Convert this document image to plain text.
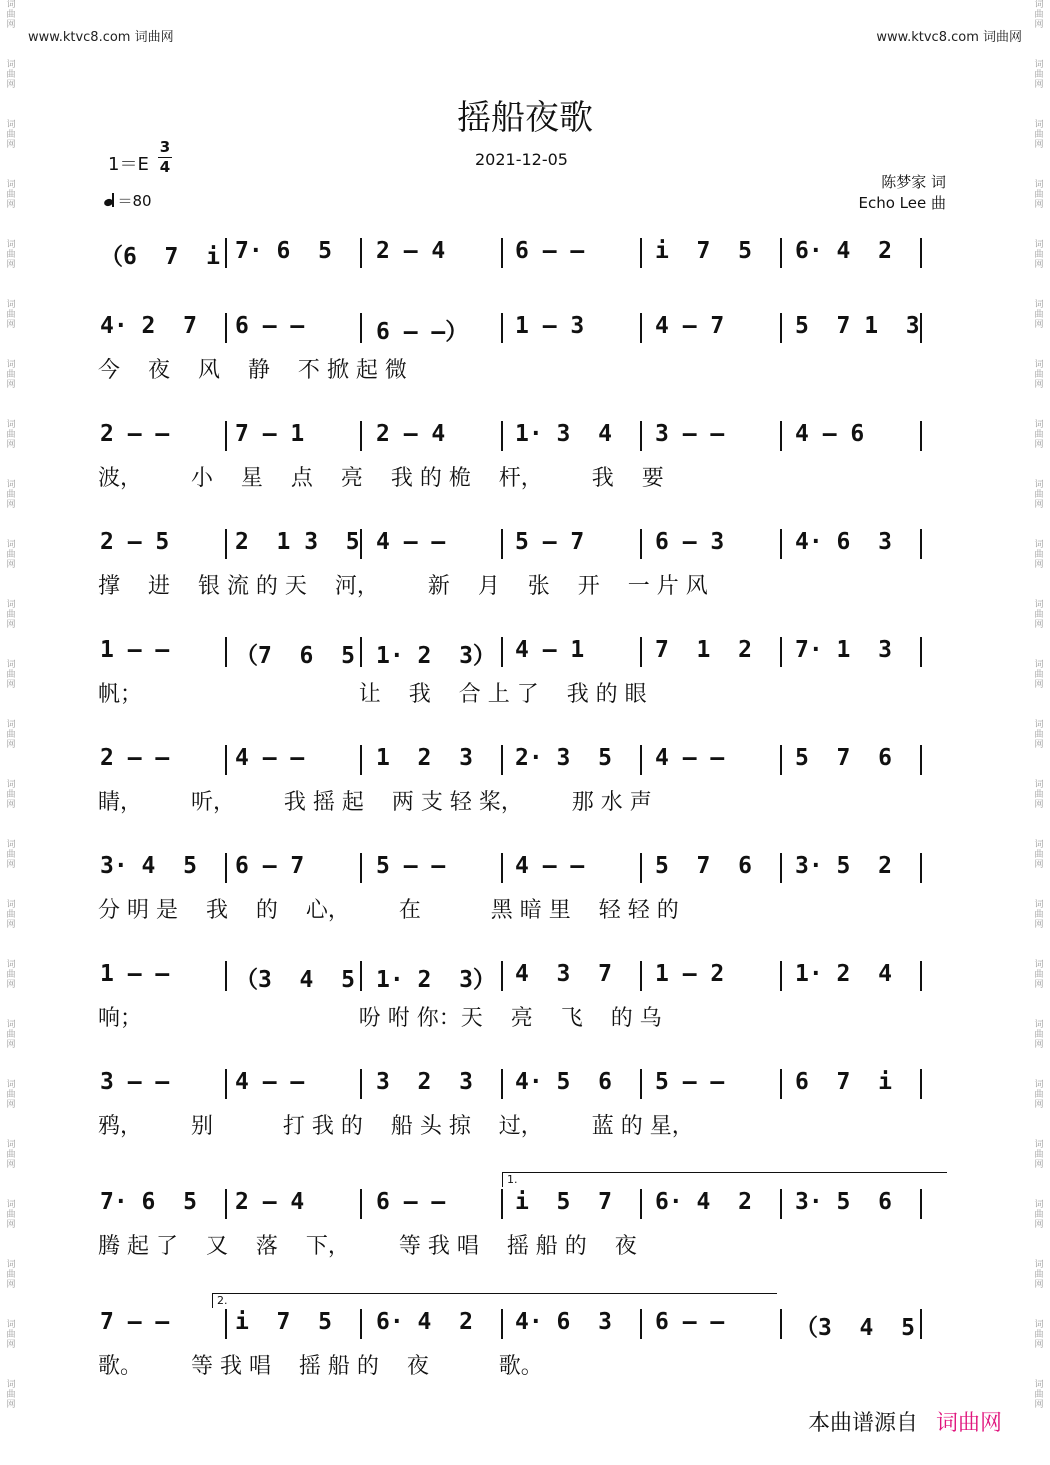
词
曲
网
词
曲
网
词
曲
网
词
曲
网
词
曲
网
词
曲
网
词
曲
网
词
曲
网
词
曲
网
词
曲
网
词
曲
网
词
曲
网
词
曲
网
词
曲
网
词
曲
网
词
曲
网
词
曲
网
词
曲
网
词
曲
网
词
曲
网
词
曲
网
词
曲
网
词
曲
网
词
曲
网
词
曲
网
词
曲
网
词
曲
网
词
曲
网
词
曲
网
词
曲
网
词
曲
网
词
曲
网
词
曲
网
词
曲
网
词
曲
网
词
曲
网
词
曲
网
词
曲
网
词
曲
网
词
曲
网
词
曲
网
词
曲
网
词
曲
网
词
曲
网
词
曲
网
词
曲
网
词
曲
网
词
曲
网
www.ktvc8.com 词曲网	www.ktvc8.com 词曲网
摇船夜歌
1＝E
3
4
＝80
2021-12-05
陈梦家 词
Echo Lee 曲
（6  7  i 7· 6  5 2 – 4	6 – –	i  7  5 6· 4  2
4· 2  7 6 – –	6 – –） 1 – 3	4 – 7	5  7 1  3
今    夜    风    静    不 掀 起 微
2 – –	7 – 1	2 – 4	1· 3  4 3 – –	4 – 6
波，       小    星    点    亮    我 的 桅    杆，       我    要
2 – 5	2  1 3  5 4 – –	5 – 7	6 – 3	4· 6  3
撑    进    银 流 的 天    河，       新    月    张    开    一 片 风
1 – –	（7  6  5 1· 2  3） 4 – 1	7  1  2 7· 1  3
帆；                               让    我    合 上 了    我 的 眼
2 – –	4 – –	1  2  3 2· 3  5 4 – –	5  7  6
睛，       听，       我 摇 起    两 支 轻 桨，       那 水 声
3· 4  5 6 – 7	5 – –	4 – –	5  7  6 3· 5  2
分 明 是    我    的    心，       在          黑 暗 里    轻 轻 的
1 – –	（3  4  5 1· 2  3） 4  3  7 1 – 2	1· 2  4
响；                               吩 咐 你：天    亮    飞    的 乌
3 – –	4 – –	3  2  3 4· 5  6 5 – –	6  7  i
鸦，       别          打 我 的    船 头 掠    过，       蓝 的 星，
7· 6  5 2 – 4	6 – –	i  5  7 6· 4  2 3· 5  6
腾 起 了    又    落    下，       等 我 唱    摇 船 的    夜
7 – –	i  7  5 6· 4  2 4· 6  3 6 – –	（3  4  5
歌。       等 我 唱    摇 船 的    夜          歌。
本曲谱源自 词曲网
1.
2.
